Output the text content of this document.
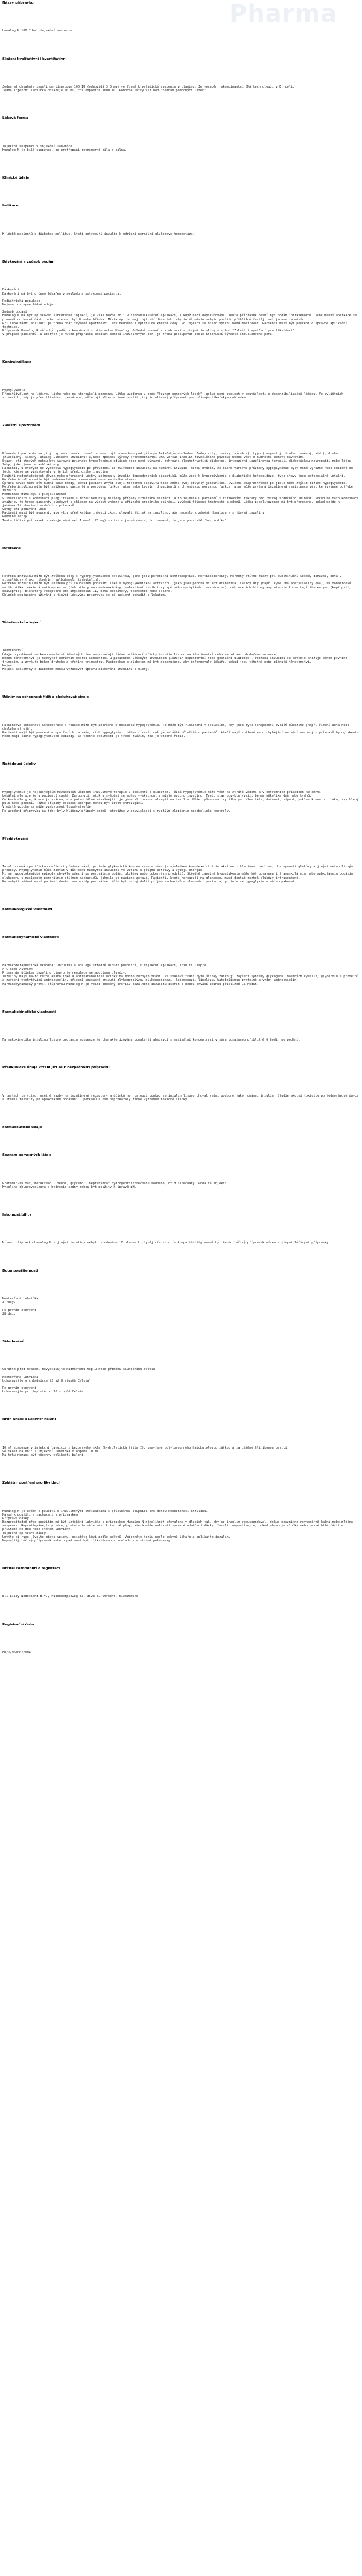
Pharma
Název přípravku
Humalog N 100 IU/ml injekční suspenze
Složení kvalitativní i kvantitativní
Jeden ml obsahuje insulinum lispropum 100 IU (odpovídá 3,5 mg) ve formě krystalické suspenze protaminu. Je vyráběn rekombinantní DNA technologií v E. coli.
Jedna injekční lahvička obsahuje 10 ml, což odpovídá 1000 IU. Pomocné látky viz bod "Seznam pomocných látek".
Léková forma
Injekční suspenze v injekční lahvičce.
Humalog N je bílá suspenze, po protřepání rovnoměrně bílá a kalná.
Klinické údaje
Indikace
K léčbě pacientů s diabetes mellitus, kteří potřebují inzulin k udržení normální glukózové homeostázy.
Dávkování a způsob podání
Dávkování
Dávkování má být určeno lékařem v souladu s potřebami pacienta.

Pediatrická populace
Nejsou dostupné žádné údaje.

Způsob podání
Humalog N má být aplikován subkutánně injekcí, je však možné ho i v intramuskulární aplikaci, i když není doporučována. Tento přípravek nesmí být podán intravenózně. Subkutánní aplikace se provádí do horní části paže, stehna, hýždí nebo břicha. Místa vpichu mají být střídána tak, aby totéž místo nebylo použito přibližně častěji než jednou za měsíc.
Při subkutánní aplikaci je třeba dbát zvýšené opatrnosti, aby nedošlo k vpichu do krevní cévy. Po injekci se místo vpichu nemá masírovat. Pacienti musí být poučeni o správné aplikační technice.
Přípravek Humalog N může být podán v kombinaci s přípravkem Humalog. Ohledně podání v kombinaci s jinými inzuliny viz bod "Zvláštní opatření pro likvidaci".
V případě pacientů, u kterých je nutno přípravek podávat pomocí inzulinových per, je třeba postupovat podle instrukcí výrobce inzulinového pera.
Kontraindikace
Hypoglykémie.
Přecitlivělost na léčivou látku nebo na kteroukoli pomocnou látku uvedenou v bodě "Seznam pomocných látek", pokud není pacient v souvislosti s desenzibilizační léčbou. Ve zvláštních situacích, kdy je přecitlivělost prokázána, může být alternativně použit jiný inzulinový přípravek pod přísným lékařským dohledem.
Zvláštní upozornění
Převedení pacienta na jiný typ nebo značku inzulinu musí být provedeno pod přísným lékařským dohledem. Změny síly, značky (výrobce), typu (rozpustný, izofan, směsný, atd.), druhu (živočišný, lidský, analog lidského inzulinu) a/nebo způsobu výroby (rekombinantní DNA versus inzulin živočišného původu) mohou vést k nutnosti úpravy dávkování.
Stavy, při kterých mohou být varovné příznaky hypoglykémie odlišné nebo méně výrazné, zahrnují dlouhotrvající diabetes, intenzivní inzulinovou terapii, diabetickou neuropatii nebo léčbu léky, jako jsou beta-blokátory.
Pacienti, u kterých se vyskytla hypoglykémie po převedení ze zvířecího inzulinu na humánní inzulin, mohou uvádět, že časné varovné příznaky hypoglykémie byly méně výrazné nebo odlišné od těch, které se vyskytovaly u jejich předchozího inzulinu.
Použití nedostatečných dávek nebo přerušení léčby, zejména u inzulin-dependentních diabetiků, může vést k hyperglykémii a diabetické ketoacidóze; tyto stavy jsou potenciálně letální.
Potřeba inzulinu může být změněna během onemocnění nebo emočního stresu.
Úprava dávky může být nutná také tehdy, pokud pacient zvýší svoji tělesnou aktivitu nebo změní svůj obvyklý jídelníček. Cvičení bezprostředně po jídle může zvýšit riziko hypoglykémie.
Potřeba inzulinu může být snížena u pacientů s poruchou funkce jater nebo ledvin. U pacientů s chronickou poruchou funkce jater může zvýšená inzulinová rezistence vést ke zvýšené potřebě inzulinu.
Kombinace Humalogu s pioglitazonem
V souvislosti s kombinací pioglitazonu s inzulinem byly hlášeny případy srdečního selhání, a to zejména u pacientů s rizikovými faktory pro rozvoj srdečního selhání. Pokud se tato kombinace zvažuje, je třeba pacienty sledovat s ohledem na výskyt známek a příznaků srdečního selhání, zvýšení tělesné hmotnosti a edémů. Léčba pioglitazonem má být přerušena, pokud dojde k jakémukoli zhoršení srdečních příznaků.
Chyby při podávání léků
Pacienti musí být poučeni, aby vždy před každou injekcí zkontrolovali štítek na inzulinu, aby nedošlo k záměně Humalogu N s jinými inzuliny.
Pomocné látky
Tento léčivý přípravek obsahuje méně než 1 mmol (23 mg) sodíku v jedné dávce, to znamená, že je v podstatě "bez sodíku".
Interakce
Potřeba inzulinu může být zvýšena léky s hyperglykemickou aktivitou, jako jsou perorální kontraceptiva, kortikosteroidy, hormony štítné žlázy při substituční léčbě, danazol, beta-2 stimulátory (jako ritodrin, salbutamol, terbutalin).
Potřeba inzulinu může být snížena při současném podávání léků s hypoglykemickou aktivitou, jako jsou perorální antidiabetika, salicyláty (např. kyselina acetylsalicylová), sulfonamidová antibiotika, některá antidepresiva (inhibitory monoaminooxidázy, selektivní inhibitory zpětného vychytávání serotoninu), některé inhibitory angiotensin konvertujícího enzymu (kaptopril, enalapril), blokátory receptoru pro angiotensin II, beta-blokátory, oktreotid nebo alkohol.
Ohledně současného užívání s jinými léčivými přípravky se má pacient poradit s lékařem.
Těhotenství a kojení
Těhotenství
Údaje o podávání velkému množství těhotných žen nenaznačují žádné nežádoucí účinky inzulin lispro na těhotenství nebo na zdraví plodu/novorozence.
Během těhotenství je nezbytné udržovat dobrou kompenzaci u pacientek léčených inzulinem (inzulin-dependentní nebo gestační diabetes). Potřeba inzulinu se obvykle snižuje během prvního trimestru a zvyšuje během druhého a třetího trimestru. Pacientkám s diabetem má být doporučeno, aby informovaly lékaře, pokud jsou těhotné nebo plánují těhotenství.
Kojení
Kojící pacientky s diabetem mohou vyžadovat úpravu dávkování inzulinu a diety.
Účinky na schopnost řídit a obsluhovat stroje
Pacientova schopnost koncentrace a reakce může být zhoršena v důsledku hypoglykémie. To může být riskantní v situacích, kdy jsou tyto schopnosti zvlášť důležité (např. řízení auta nebo obsluha strojů).
Pacienti mají být poučeni o opatřeních zabraňujících hypoglykémii během řízení, což je zvláště důležité u pacientů, kteří mají snížené nebo chybějící vnímání varovných příznaků hypoglykémie nebo mají časté hypoglykemické epizody. Za těchto okolností je třeba zvážit, zda je vhodné řídit.
Nežádoucí účinky
Hypoglykémie je nejčastějším nežádoucím účinkem inzulinové terapie u pacientů s diabetem. Těžká hypoglykémie může vést ke ztrátě vědomí a v extrémních případech ke smrti.
Lokální alergie je u pacientů častá. Zarudnutí, otok a svědění se mohou vyskytnout v místě vpichu inzulinu. Tento stav obvykle vymizí během několika dnů nebo týdnů.
Celková alergie, která je vzácná, ale potenciálně závažnější, je generalizovanou alergií na inzulin. Může způsobovat vyrážku po celém těle, dušnost, sípání, pokles krevního tlaku, zrychlený puls nebo pocení. Těžké případy celkové alergie mohou být život ohrožující.
V místě vpichu se může vyskytnout lipodystrofie.
Po uvedení přípravku na trh: byly hlášeny případy edémů, převážně v souvislosti s rychlým zlepšením metabolické kontroly.
Předávkování
Inzulin nemá specifickou definici předávkování, protože glykemická koncentrace v séru je výsledkem komplexních interakcí mezi hladinou inzulinu, dostupností glukózy a jinými metabolickými procesy. Hypoglykémie může nastat v důsledku nadbytku inzulinu ve vztahu k příjmu potravy a výdeji energie.
Mírné hypoglykemické epizody obvykle odezní po perorálním podání glukózy nebo cukerných produktů. Středně závažná hypoglykémie může být upravena intramuskulárním nebo subkutánním podáním glukagonu s následným perorálním příjmem sacharidů, jakmile se pacient zotaví. Pacienti, kteří nereagují na glukagon, musí dostat roztok glukózy intravenózně.
Po nabytí vědomí musí pacient dostat sacharidy perorálně. Může být nutný delší příjem sacharidů a sledování pacienta, protože se hypoglykémie může opakovat.
Farmakologické vlastnosti
Farmakodynamické vlastnosti
Farmakoterapeutická skupina: Inzuliny a analoga středně dlouho působící, k injekční aplikaci, inzulin lispro.
ATC kód: A10AC04
Primárním účinkem inzulinu lispro je regulace metabolismu glukózy.
Inzuliny mají navíc různé anabolické a antikatabolické účinky na mnoho různých tkání. Ve svalové tkáni tyto účinky zahrnují zvýšení syntézy glykogenu, mastných kyselin, glycerolu a proteinů a zvýšení vychytávání aminokyselin, přičemž současně snižují glykogenolýzu, glukoneogenezi, ketogenezi, lipolýzu, katabolismus proteinů a výdej aminokyselin.
Farmakodynamický profil přípravku Humalog N je velmi podobný profilu bazálního inzulinu isofan s dobou trvání účinku přibližně 15 hodin.
Farmakokinetické vlastnosti
Farmakokinetika inzulinu lispro protamin suspenze je charakterizována pomalejší absorpcí s maximální koncentrací v séru dosaženou přibližně 6 hodin po podání.
Předklinické údaje vztahující se k bezpečnosti přípravku
V testech in vitro, včetně vazby na inzulinové receptory a účinků na rostoucí buňky, se inzulin lispro choval velmi podobně jako humánní inzulin. Studie akutní toxicity po jednorázové dávce a studie toxicity po opakovaném podávání u potkanů a psů neprokázaly žádné významné toxické účinky.
Farmaceutické údaje
Seznam pomocných látek
Protamin-sulfát, metakresol, fenol, glycerol, heptahydrát hydrogenfosforečnanu sodného, oxid zinečnatý, voda na injekci.
Kyselina chlorovodíková a hydroxid sodný mohou být použity k úpravě pH.
Inkompatibility
Mísení přípravku Humalog N s jinými inzuliny nebylo studováno. Vzhledem k chybějícím studiím kompatibility nesmí být tento léčivý přípravek mísen s jinými léčivými přípravky.
Doba použitelnosti
Neotevřená lahvička
3 roky.

Po prvním otevření
28 dní.
Skladování
Chraňte před mrazem. Nevystavujte nadměrnému teplu nebo přímému slunečnímu světlu.

Neotevřená lahvička
Uchovávejte v chladničce (2 až 8 stupňů Celsia).

Po prvním otevření
Uchovávejte při teplotě do 30 stupňů Celsia.
Druh obalu a velikost balení
10 ml suspenze v injekční lahvičce z bezbarvého skla (hydrolytická třída I), uzavřené butylovou nebo halobutylovou zátkou a zajištěné hliníkovou pertlí.
Velikost balení: 1 injekční lahvička o objemu 10 ml.
Na trhu nemusí být všechny velikosti balení.
Zvláštní opatření pro likvidaci
Humalog N je určen k použití s inzulinovými stříkačkami s příslušnou stupnicí pro danou koncentraci inzulinu.
Návod k použití a zacházení s přípravkem
Příprava dávky
Bezprostředně před použitím má být injekční lahvička s přípravkem Humalog N několikrát převalena v dlaních tak, aby se inzulin resuspendoval, dokud nevznikne rovnoměrně kalná nebo mléčná suspenze. Neprotřepávejte prudce, protože to může vést k tvorbě pěny, která může ovlivnit správné odměření dávky. Inzulin nepoužívejte, pokud obsahuje vločky nebo pevné bílé částice přilnuté ke dnu nebo stěnám lahvičky.
Injekční aplikace dávky
Umyjte si ruce. Zvolte místo vpichu, očistěte kůži podle pokynů. Vpíchněte jehlu podle pokynů lékaře a aplikujte inzulin.
Nepoužitý léčivý přípravek nebo odpad musí být zlikvidován v souladu s místními požadavky.
Držitel rozhodnutí o registraci
Eli Lilly Nederland B.V., Papendorpseweg 83, 3528 BJ Utrecht, Nizozemsko.
Registrační číslo
EU/1/96/007/004
